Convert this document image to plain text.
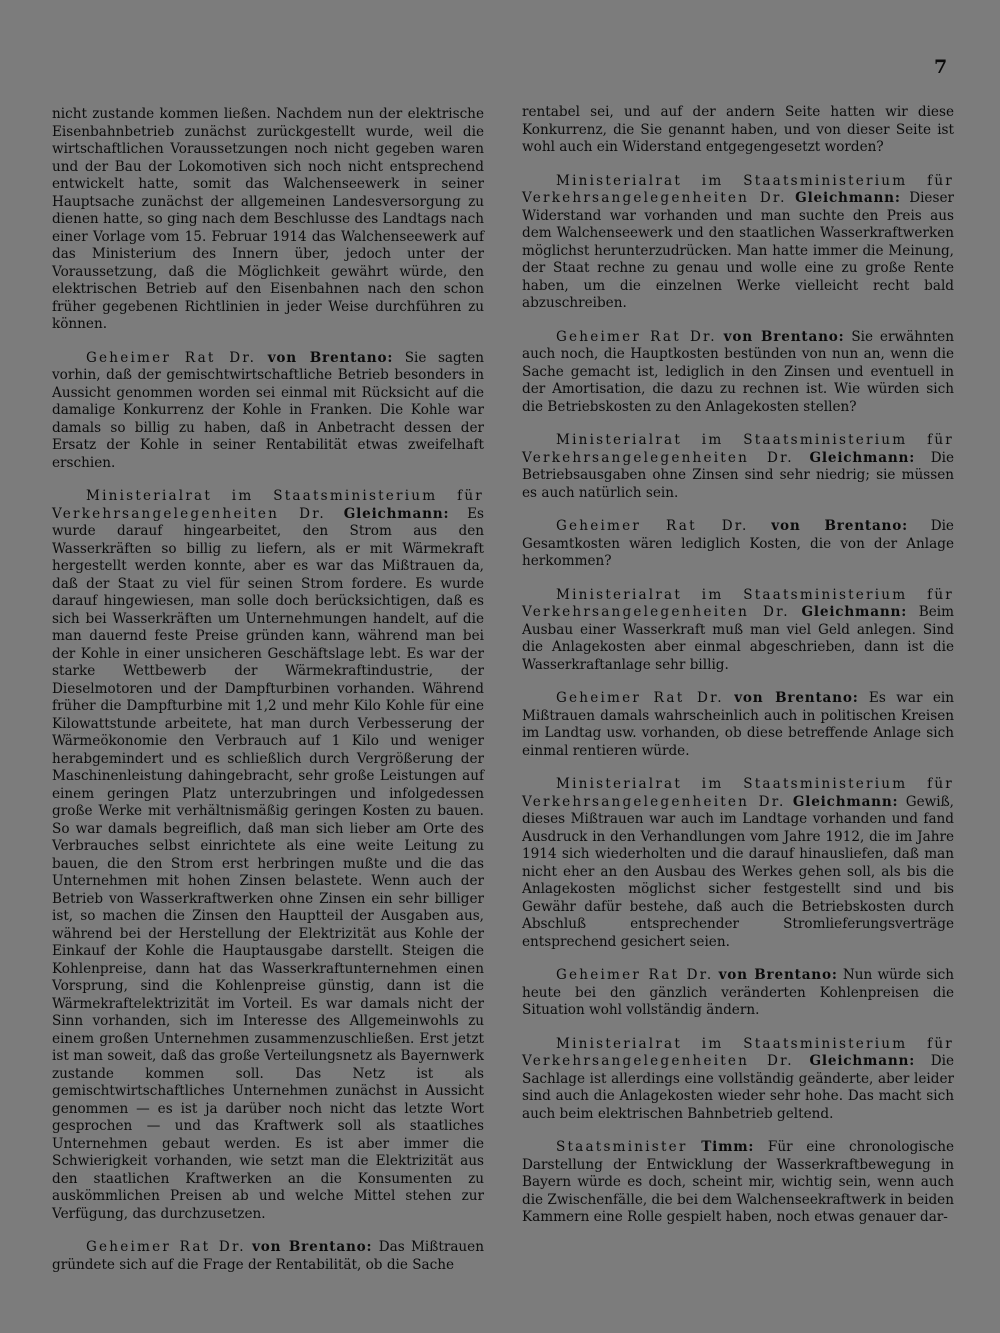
7

nicht zustande kommen ließen. Nachdem nun der elektrische Eisenbahnbetrieb zunächst zurückgestellt wurde, weil die wirtschaftlichen Voraussetzungen noch nicht gegeben waren und der Bau der Lokomotiven sich noch nicht entsprechend entwickelt hatte, somit das Walchenseewerk in seiner Hauptsache zunächst der allgemeinen Landesversorgung zu dienen hatte, so ging nach dem Beschlusse des Landtags nach einer Vorlage vom 15. Februar 1914 das Walchenseewerk auf das Ministerium des Innern über, jedoch unter der Voraussetzung, daß die Möglichkeit gewährt würde, den elektrischen Betrieb auf den Eisenbahnen nach den schon früher gegebenen Richtlinien in jeder Weise durchführen zu können.

Geheimer Rat Dr. von Brentano: Sie sagten vorhin, daß der gemischtwirtschaftliche Betrieb besonders in Aussicht genommen worden sei einmal mit Rücksicht auf die damalige Konkurrenz der Kohle in Franken. Die Kohle war damals so billig zu haben, daß in Anbetracht dessen der Ersatz der Kohle in seiner Rentabilität etwas zweifelhaft erschien.

Ministerialrat im Staatsministerium für Verkehrsangelegenheiten Dr. Gleichmann: Es wurde darauf hingearbeitet, den Strom aus den Wasserkräften so billig zu liefern, als er mit Wärmekraft hergestellt werden konnte, aber es war das Mißtrauen da, daß der Staat zu viel für seinen Strom fordere. Es wurde darauf hingewiesen, man solle doch berücksichtigen, daß es sich bei Wasserkräften um Unternehmungen handelt, auf die man dauernd feste Preise gründen kann, während man bei der Kohle in einer unsicheren Geschäftslage lebt. Es war der starke Wettbewerb der Wärmekraftindustrie, der Dieselmotoren und der Dampfturbinen vorhanden. Während früher die Dampfturbine mit 1,2 und mehr Kilo Kohle für eine Kilowattstunde arbeitete, hat man durch Verbesserung der Wärmeökonomie den Verbrauch auf 1 Kilo und weniger herabgemindert und es schließlich durch Vergrößerung der Maschinenleistung dahingebracht, sehr große Leistungen auf einem geringen Platz unterzubringen und infolgedessen große Werke mit verhältnismäßig geringen Kosten zu bauen. So war damals begreiflich, daß man sich lieber am Orte des Verbrauches selbst einrichtete als eine weite Leitung zu bauen, die den Strom erst herbringen mußte und die das Unternehmen mit hohen Zinsen belastete. Wenn auch der Betrieb von Wasserkraftwerken ohne Zinsen ein sehr billiger ist, so machen die Zinsen den Hauptteil der Ausgaben aus, während bei der Herstellung der Elektrizität aus Kohle der Einkauf der Kohle die Hauptausgabe darstellt. Steigen die Kohlenpreise, dann hat das Wasserkraftunternehmen einen Vorsprung, sind die Kohlenpreise günstig, dann ist die Wärmekraftelektrizität im Vorteil. Es war damals nicht der Sinn vorhanden, sich im Interesse des Allgemeinwohls zu einem großen Unternehmen zusammenzuschließen. Erst jetzt ist man soweit, daß das große Verteilungsnetz als Bayernwerk zustande kommen soll. Das Netz ist als gemischtwirtschaftliches Unternehmen zunächst in Aussicht genommen — es ist ja darüber noch nicht das letzte Wort gesprochen — und das Kraftwerk soll als staatliches Unternehmen gebaut werden. Es ist aber immer die Schwierigkeit vorhanden, wie setzt man die Elektrizität aus den staatlichen Kraftwerken an die Konsumenten zu auskömmlichen Preisen ab und welche Mittel stehen zur Verfügung, das durchzusetzen.

Geheimer Rat Dr. von Brentano: Das Mißtrauen gründete sich auf die Frage der Rentabilität, ob die Sache

rentabel sei, und auf der andern Seite hatten wir diese Konkurrenz, die Sie genannt haben, und von dieser Seite ist wohl auch ein Widerstand entgegengesetzt worden?

Ministerialrat im Staatsministerium für Verkehrsangelegenheiten Dr. Gleichmann: Dieser Widerstand war vorhanden und man suchte den Preis aus dem Walchenseewerk und den staatlichen Wasserkraftwerken möglichst herunterzudrücken. Man hatte immer die Meinung, der Staat rechne zu genau und wolle eine zu große Rente haben, um die einzelnen Werke vielleicht recht bald abzuschreiben.

Geheimer Rat Dr. von Brentano: Sie erwähnten auch noch, die Hauptkosten bestünden von nun an, wenn die Sache gemacht ist, lediglich in den Zinsen und eventuell in der Amortisation, die dazu zu rechnen ist. Wie würden sich die Betriebskosten zu den Anlagekosten stellen?

Ministerialrat im Staatsministerium für Verkehrsangelegenheiten Dr. Gleichmann: Die Betriebsausgaben ohne Zinsen sind sehr niedrig; sie müssen es auch natürlich sein.

Geheimer Rat Dr. von Brentano: Die Gesamtkosten wären lediglich Kosten, die von der Anlage herkommen?

Ministerialrat im Staatsministerium für Verkehrsangelegenheiten Dr. Gleichmann: Beim Ausbau einer Wasserkraft muß man viel Geld anlegen. Sind die Anlagekosten aber einmal abgeschrieben, dann ist die Wasserkraftanlage sehr billig.

Geheimer Rat Dr. von Brentano: Es war ein Mißtrauen damals wahrscheinlich auch in politischen Kreisen im Landtag usw. vorhanden, ob diese betreffende Anlage sich einmal rentieren würde.

Ministerialrat im Staatsministerium für Verkehrsangelegenheiten Dr. Gleichmann: Gewiß, dieses Mißtrauen war auch im Landtage vorhanden und fand Ausdruck in den Verhandlungen vom Jahre 1912, die im Jahre 1914 sich wiederholten und die darauf hinausliefen, daß man nicht eher an den Ausbau des Werkes gehen soll, als bis die Anlagekosten möglichst sicher festgestellt sind und bis Gewähr dafür bestehe, daß auch die Betriebskosten durch Abschluß entsprechender Stromlieferungsverträge entsprechend gesichert seien.

Geheimer Rat Dr. von Brentano: Nun würde sich heute bei den gänzlich veränderten Kohlenpreisen die Situation wohl vollständig ändern.

Ministerialrat im Staatsministerium für Verkehrsangelegenheiten Dr. Gleichmann: Die Sachlage ist allerdings eine vollständig geänderte, aber leider sind auch die Anlagekosten wieder sehr hohe. Das macht sich auch beim elektrischen Bahnbetrieb geltend.

Staatsminister Timm: Für eine chronologische Darstellung der Entwicklung der Wasserkraftbewegung in Bayern würde es doch, scheint mir, wichtig sein, wenn auch die Zwischenfälle, die bei dem Walchenseekraftwerk in beiden Kammern eine Rolle gespielt haben, noch etwas genauer dar-
